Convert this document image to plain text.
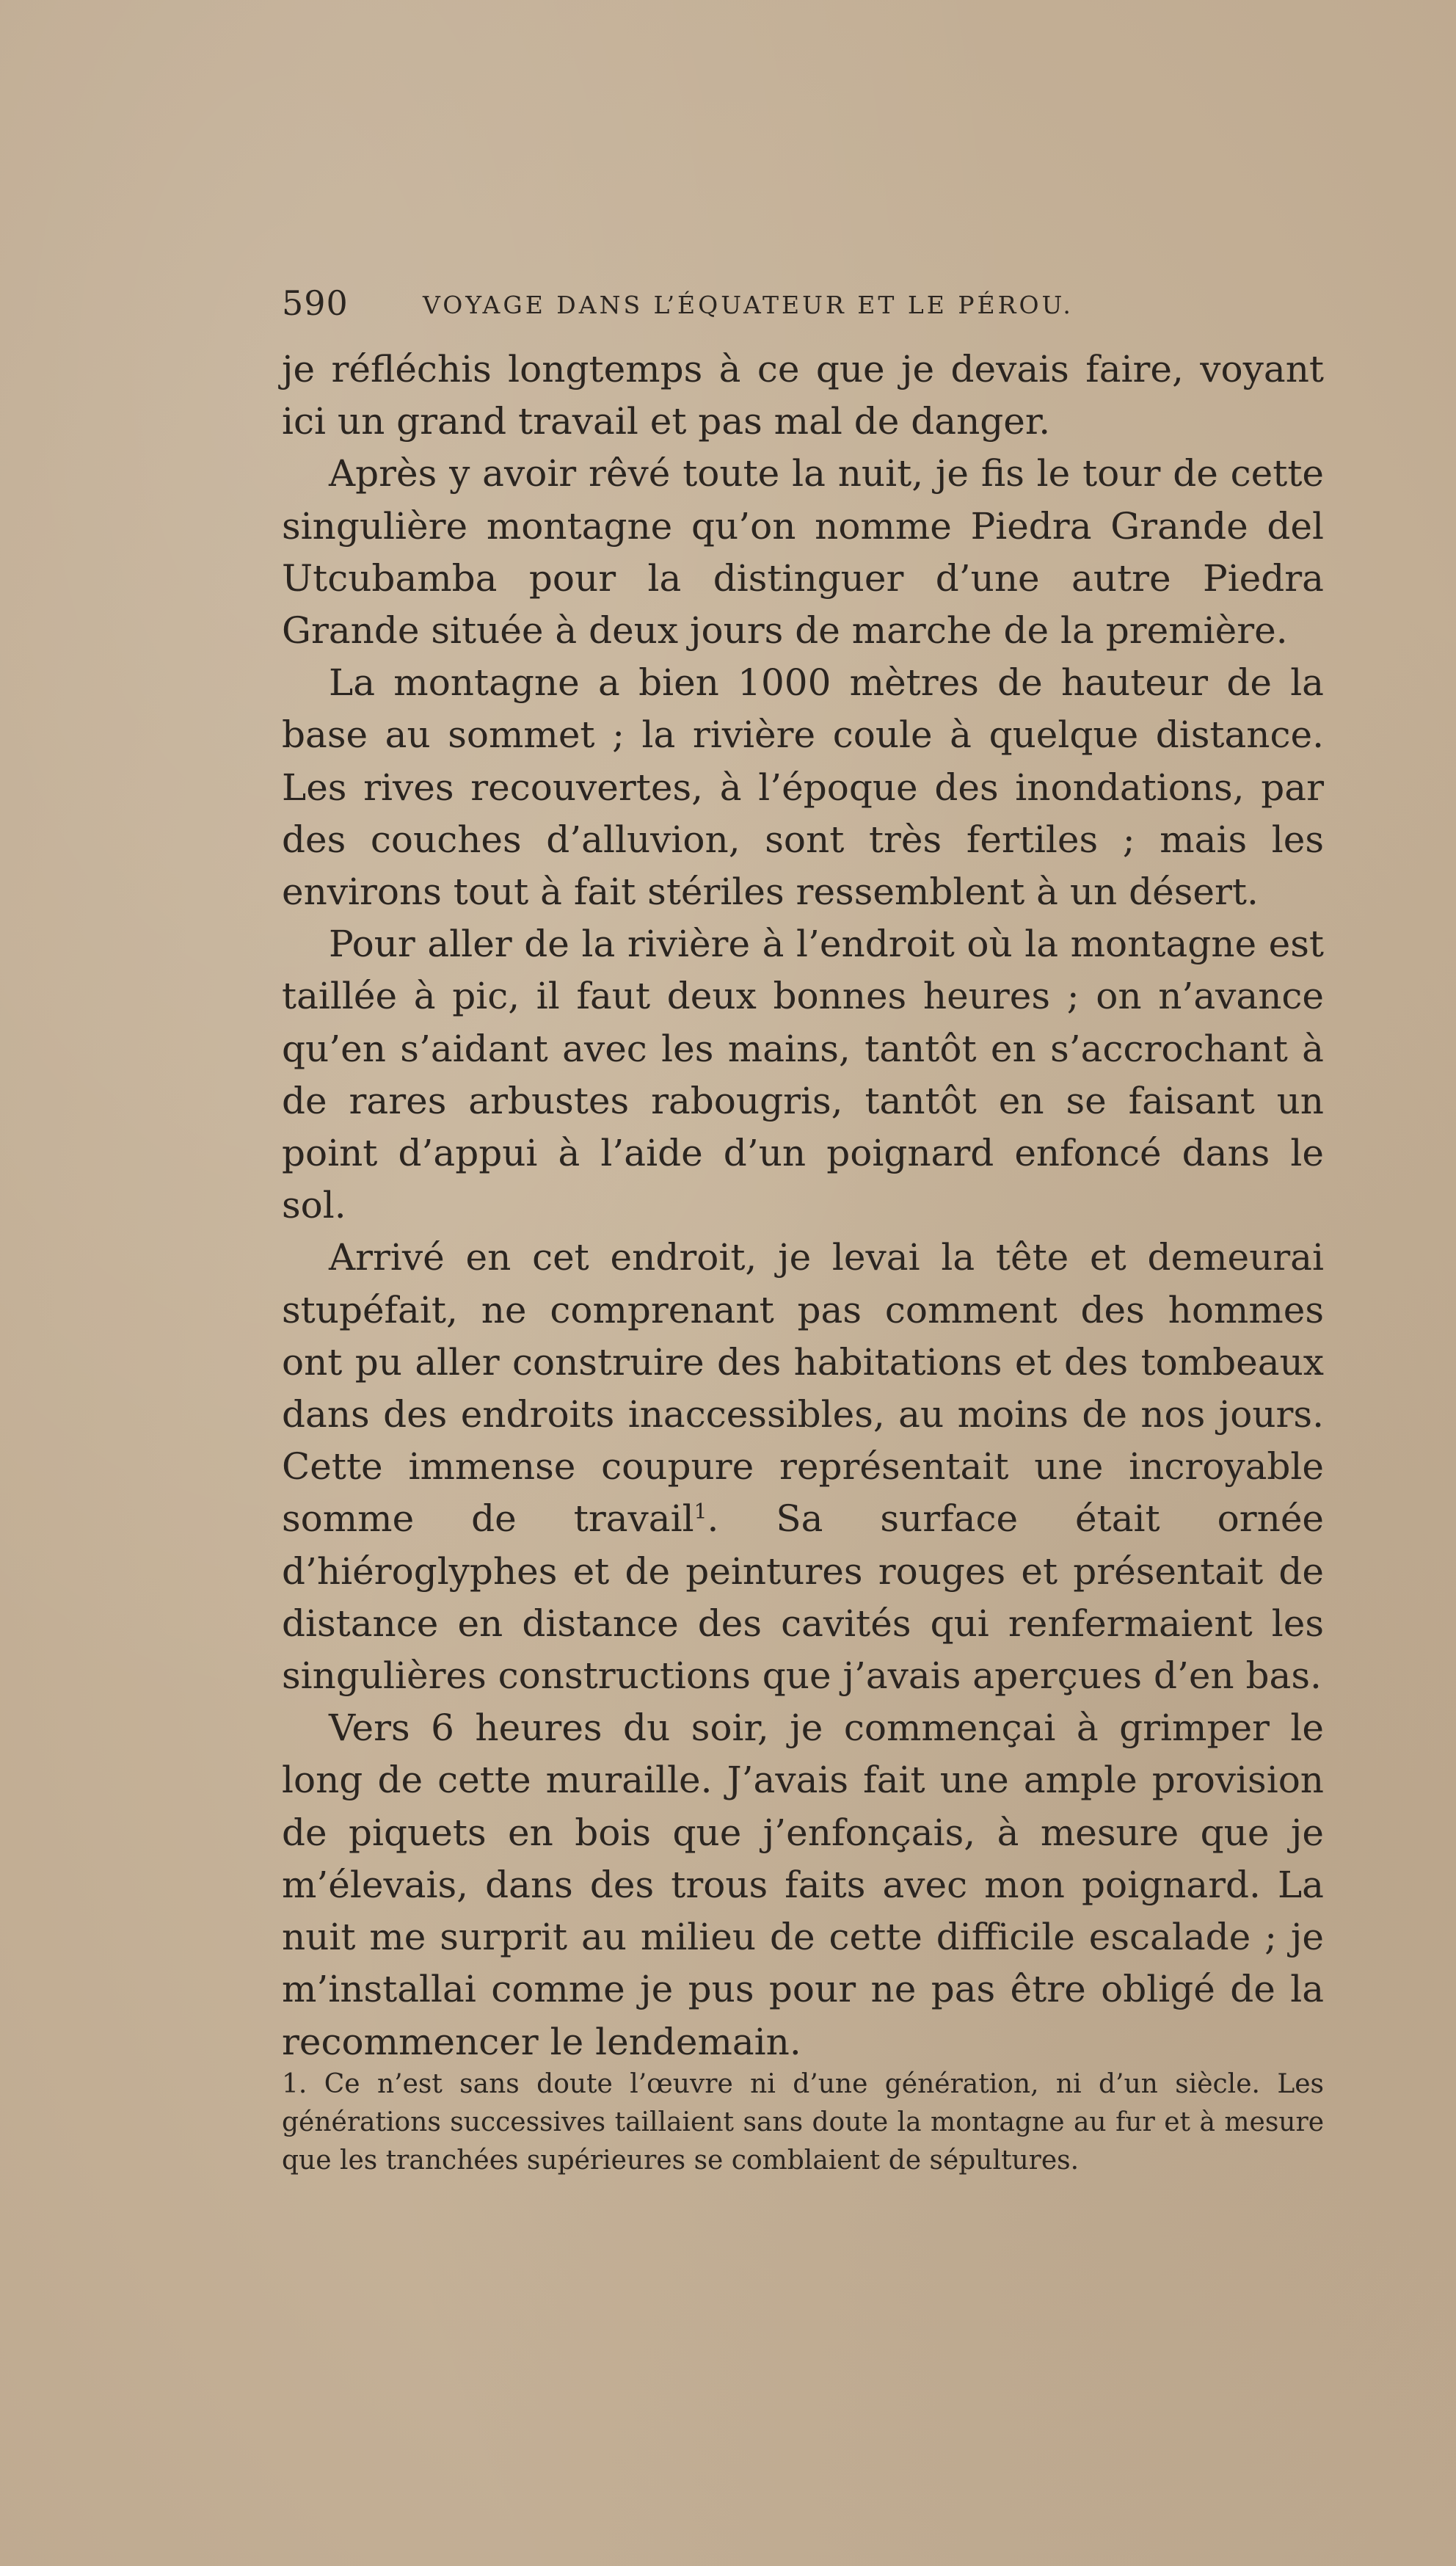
590	VOYAGE DANS L’ÉQUATEUR ET LE PÉROU.

je réfléchis longtemps à ce que je devais faire, voyant ici un grand travail et pas mal de danger.

Après y avoir rêvé toute la nuit, je fis le tour de cette singulière montagne qu’on nomme Piedra Grande del Utcubamba pour la distinguer d’une autre Piedra Grande située à deux jours de marche de la première.

La montagne a bien 1000 mètres de hauteur de la base au sommet ; la rivière coule à quelque distance. Les rives recouvertes, à l’époque des inondations, par des couches d’alluvion, sont très fertiles ; mais les environs tout à fait stériles ressemblent à un désert.

Pour aller de la rivière à l’endroit où la montagne est taillée à pic, il faut deux bonnes heures ; on n’avance qu’en s’aidant avec les mains, tantôt en s’accrochant à de rares arbustes rabougris, tantôt en se faisant un point d’appui à l’aide d’un poignard enfoncé dans le sol.

Arrivé en cet endroit, je levai la tête et demeurai stupéfait, ne comprenant pas comment des hommes ont pu aller construire des habitations et des tombeaux dans des endroits inaccessibles, au moins de nos jours. Cette immense coupure représentait une incroyable somme de travail$^1$. Sa surface était ornée d’hiéroglyphes et de peintures rouges et présentait de distance en distance des cavités qui renfermaient les singulières constructions que j’avais aperçues d’en bas.

Vers 6 heures du soir, je commençai à grimper le long de cette muraille. J’avais fait une ample provision de piquets en bois que j’enfonçais, à mesure que je m’élevais, dans des trous faits avec mon poignard. La nuit me surprit au milieu de cette difficile escalade ; je m’installai comme je pus pour ne pas être obligé de la recommencer le lendemain.

1. Ce n’est sans doute l’œuvre ni d’une génération, ni d’un siècle. Les générations successives taillaient sans doute la montagne au fur et à mesure que les tranchées supérieures se comblaient de sépultures.
